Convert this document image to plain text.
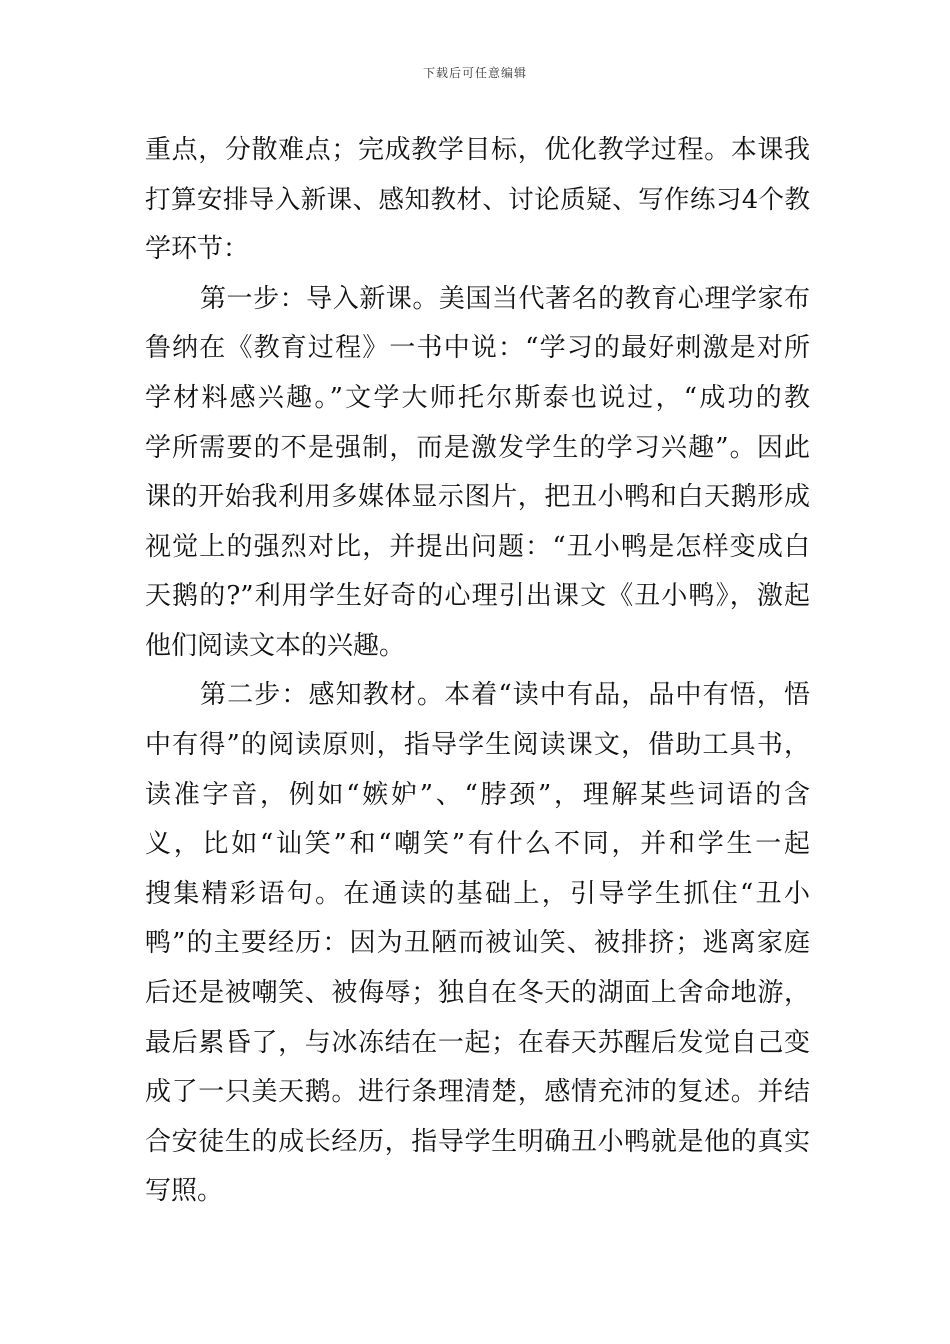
下载后可任意编辑
重点，分散难点；完成教学目标，优化教学过程。本课我
打算安排导入新课、感知教材、讨论质疑、写作练习4个教
学环节：
第一步：导入新课。美国当代著名的教育心理学家布
鲁纳在《教育过程》一书中说：“学习的最好刺激是对所
学材料感兴趣。”文学大师托尔斯泰也说过，“成功的教
学所需要的不是强制，而是激发学生的学习兴趣”。因此
课的开始我利用多媒体显示图片，把丑小鸭和白天鹅形成
视觉上的强烈对比，并提出问题：“丑小鸭是怎样变成白
天鹅的?”利用学生好奇的心理引出课文《丑小鸭》，激起
他们阅读文本的兴趣。
第二步：感知教材。本着“读中有品，品中有悟，悟
中有得”的阅读原则，指导学生阅读课文，借助工具书，
读准字音，例如“嫉妒”、“脖颈”，理解某些词语的含
义，比如“讪笑”和“嘲笑”有什么不同，并和学生一起
搜集精彩语句。在通读的基础上，引导学生抓住“丑小
鸭”的主要经历：因为丑陋而被讪笑、被排挤；逃离家庭
后还是被嘲笑、被侮辱；独自在冬天的湖面上舍命地游，
最后累昏了，与冰冻结在一起；在春天苏醒后发觉自己变
成了一只美天鹅。进行条理清楚，感情充沛的复述。并结
合安徒生的成长经历，指导学生明确丑小鸭就是他的真实
写照。
